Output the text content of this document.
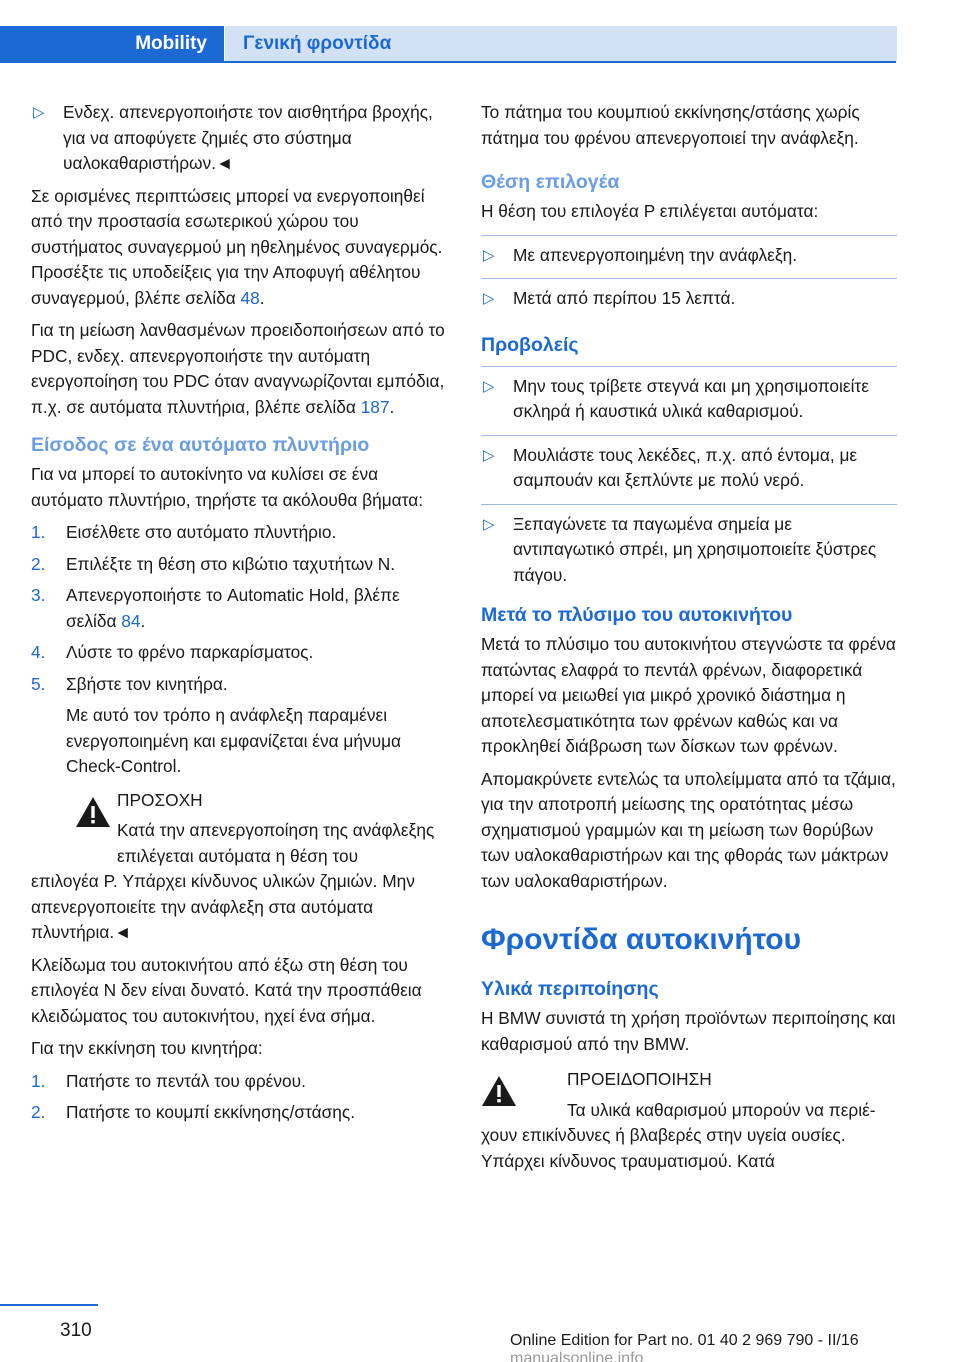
Mobility	Γενική φροντίδα
▷ Ενδεχ. απενεργοποιήστε τον αισθητήρα βροχής, για να αποφύγετε ζημιές στο σύστημα υαλοκαθαριστήρων.◄

Σε ορισμένες περιπτώσεις μπορεί να ενεργοποιηθεί από την προστασία εσωτερικού χώρου του συστήματος συναγερμού μη ηθελημένος συναγερμός. Προσέξτε τις υποδείξεις για την Αποφυγή αθέλητου συναγερμού, βλέπε σελίδα 48.

Για τη μείωση λανθασμένων προειδοποιήσεων από το PDC, ενδεχ. απενεργοποιήστε την αυτόματη ενεργοποίηση του PDC όταν αναγνωρίζονται εμπόδια, π.χ. σε αυτόματα πλυντήρια, βλέπε σελίδα 187.

Είσοδος σε ένα αυτόματο πλυντήριο

Για να μπορεί το αυτοκίνητο να κυλίσει σε ένα αυτόματο πλυντήριο, τηρήστε τα ακόλουθα βήματα:

1. Εισέλθετε στο αυτόματο πλυντήριο.
2. Επιλέξτε τη θέση στο κιβώτιο ταχυτήτων N.
3. Απενεργοποιήστε το Automatic Hold, βλέπε σελίδα 84.
4. Λύστε το φρένο παρκαρίσματος.
5. Σβήστε τον κινητήρα.
Με αυτό τον τρόπο η ανάφλεξη παραμένει ενεργοποιημένη και εμφανίζεται ένα μήνυμα Check-Control.
ΠΡΟΣΟΧΗ
Κατά την απενεργοποίηση της ανάφλεξης επιλέγεται αυτόματα η θέση του

επιλογέα P. Υπάρχει κίνδυνος υλικών ζημιών. Μην απενεργοποιείτε την ανάφλεξη στα αυτόματα πλυντήρια.◄

Κλείδωμα του αυτοκινήτου από έξω στη θέση του επιλογέα N δεν είναι δυνατό. Κατά την προσπάθεια κλειδώματος του αυτοκινήτου, ηχεί ένα σήμα.

Για την εκκίνηση του κινητήρα:

1. Πατήστε το πεντάλ του φρένου.
2. Πατήστε το κουμπί εκκίνησης/στάσης.

Το πάτημα του κουμπιού εκκίνησης/στάσης χωρίς πάτημα του φρένου απενεργοποιεί την ανάφλεξη.

Θέση επιλογέα

Η θέση του επιλογέα P επιλέγεται αυτόματα:

▷ Με απενεργοποιημένη την ανάφλεξη.
▷ Μετά από περίπου 15 λεπτά.
Προβολείς
▷ Μην τους τρίβετε στεγνά και μη χρησιμοποιείτε σκληρά ή καυστικά υλικά καθαρισμού.
▷ Μουλιάστε τους λεκέδες, π.χ. από έντομα, με σαμπουάν και ξεπλύντε με πολύ νερό.
▷ Ξεπαγώνετε τα παγωμένα σημεία με αντιπαγωτικό σπρέι, μη χρησιμοποιείτε ξύστρες πάγου.
Μετά το πλύσιμο του αυτοκινήτου

Μετά το πλύσιμο του αυτοκινήτου στεγνώστε τα φρένα πατώντας ελαφρά το πεντάλ φρένων, διαφορετικά μπορεί να μειωθεί για μικρό χρονικό διάστημα η αποτελεσματικότητα των φρένων καθώς και να προκληθεί διάβρωση των δίσκων των φρένων.

Απομακρύνετε εντελώς τα υπολείμματα από τα τζάμια, για την αποτροπή μείωσης της ορατότητας μέσω σχηματισμού γραμμών και τη μείωση των θορύβων των υαλοκαθαριστήρων και της φθοράς των μάκτρων των υαλοκαθαριστήρων.

Φροντίδα αυτοκινήτου
Υλικά περιποίησης

Η BMW συνιστά τη χρήση προϊόντων περιποίησης και καθαρισμού από την BMW.

ΠΡΟΕΙΔΟΠΟΙΗΣΗ
Τα υλικά καθαρισμού μπορούν να περιέ-

χουν επικίνδυνες ή βλαβερές στην υγεία ουσίες. Υπάρχει κίνδυνος τραυματισμού. Κατά

310	Online Edition for Part no. 01 40 2 969 790 - II/16 manualsonline.info
